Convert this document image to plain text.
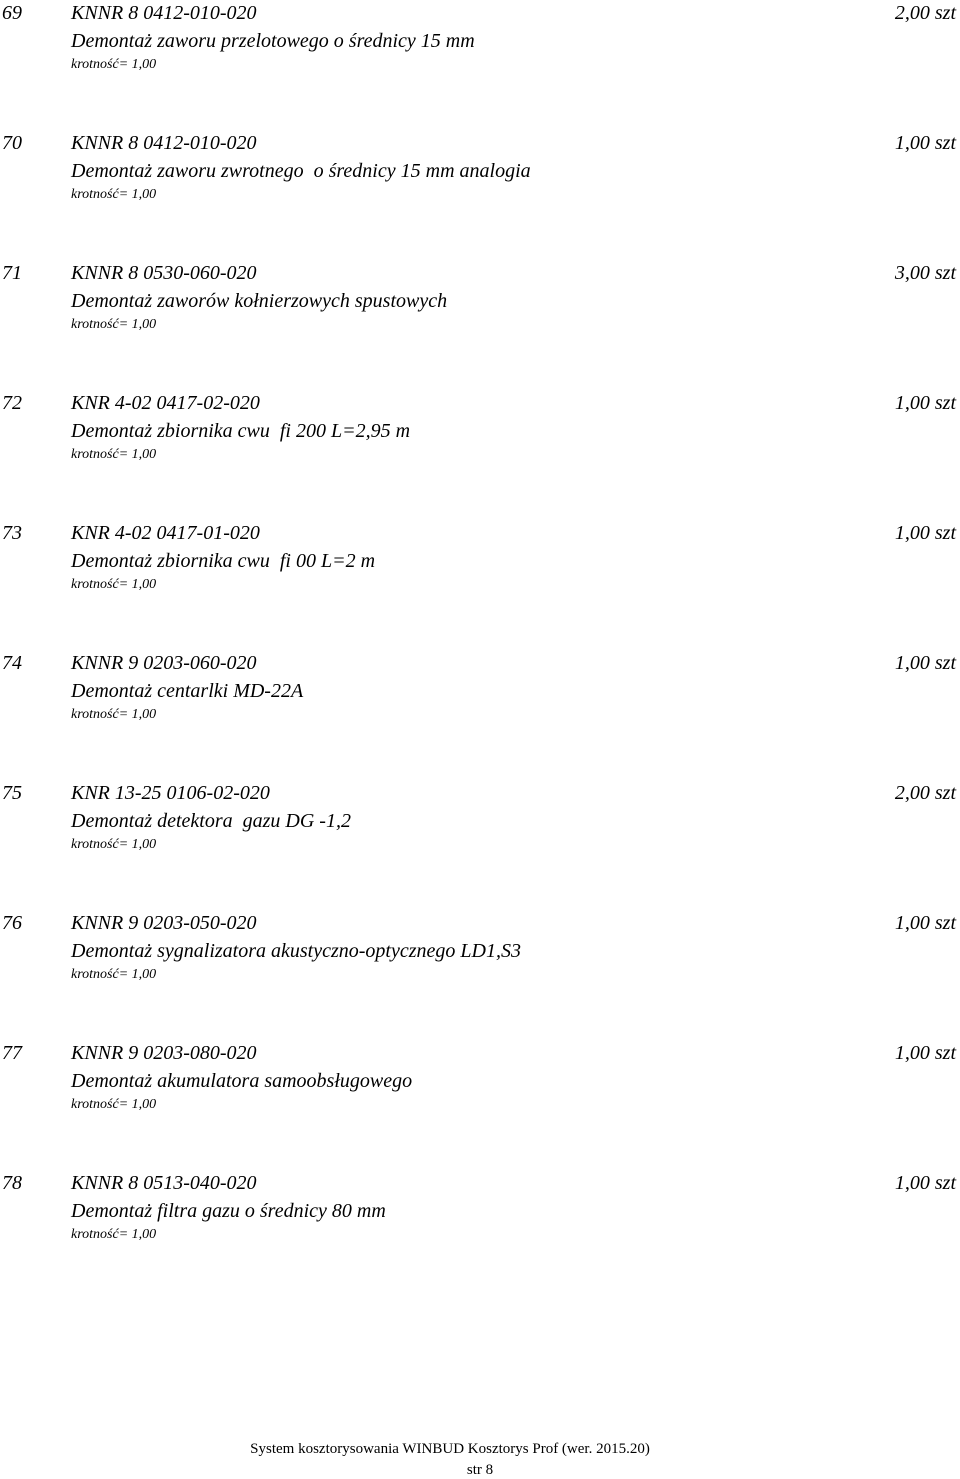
69 KNNR 8 0412-010-020	2,00 szt
Demontaż zaworu przelotowego o średnicy 15 mm
krotność= 1,00
70 KNNR 8 0412-010-020	1,00 szt
Demontaż zaworu zwrotnego  o średnicy 15 mm analogia
krotność= 1,00
71 KNNR 8 0530-060-020	3,00 szt
Demontaż zaworów kołnierzowych spustowych
krotność= 1,00
72 KNR 4-02 0417-02-020	1,00 szt
Demontaż zbiornika cwu  fi 200 L=2,95 m
krotność= 1,00
73 KNR 4-02 0417-01-020	1,00 szt
Demontaż zbiornika cwu  fi 00 L=2 m
krotność= 1,00
74 KNNR 9 0203-060-020	1,00 szt
Demontaż centarlki MD-22A
krotność= 1,00
75 KNR 13-25 0106-02-020	2,00 szt
Demontaż detektora  gazu DG -1,2
krotność= 1,00
76 KNNR 9 0203-050-020	1,00 szt
Demontaż sygnalizatora akustyczno-optycznego LD1,S3
krotność= 1,00
77 KNNR 9 0203-080-020	1,00 szt
Demontaż akumulatora samoobsługowego
krotność= 1,00
78 KNNR 8 0513-040-020	1,00 szt
Demontaż filtra gazu o średnicy 80 mm
krotność= 1,00
System kosztorysowania WINBUD Kosztorys Prof (wer. 2015.20)
str 8
